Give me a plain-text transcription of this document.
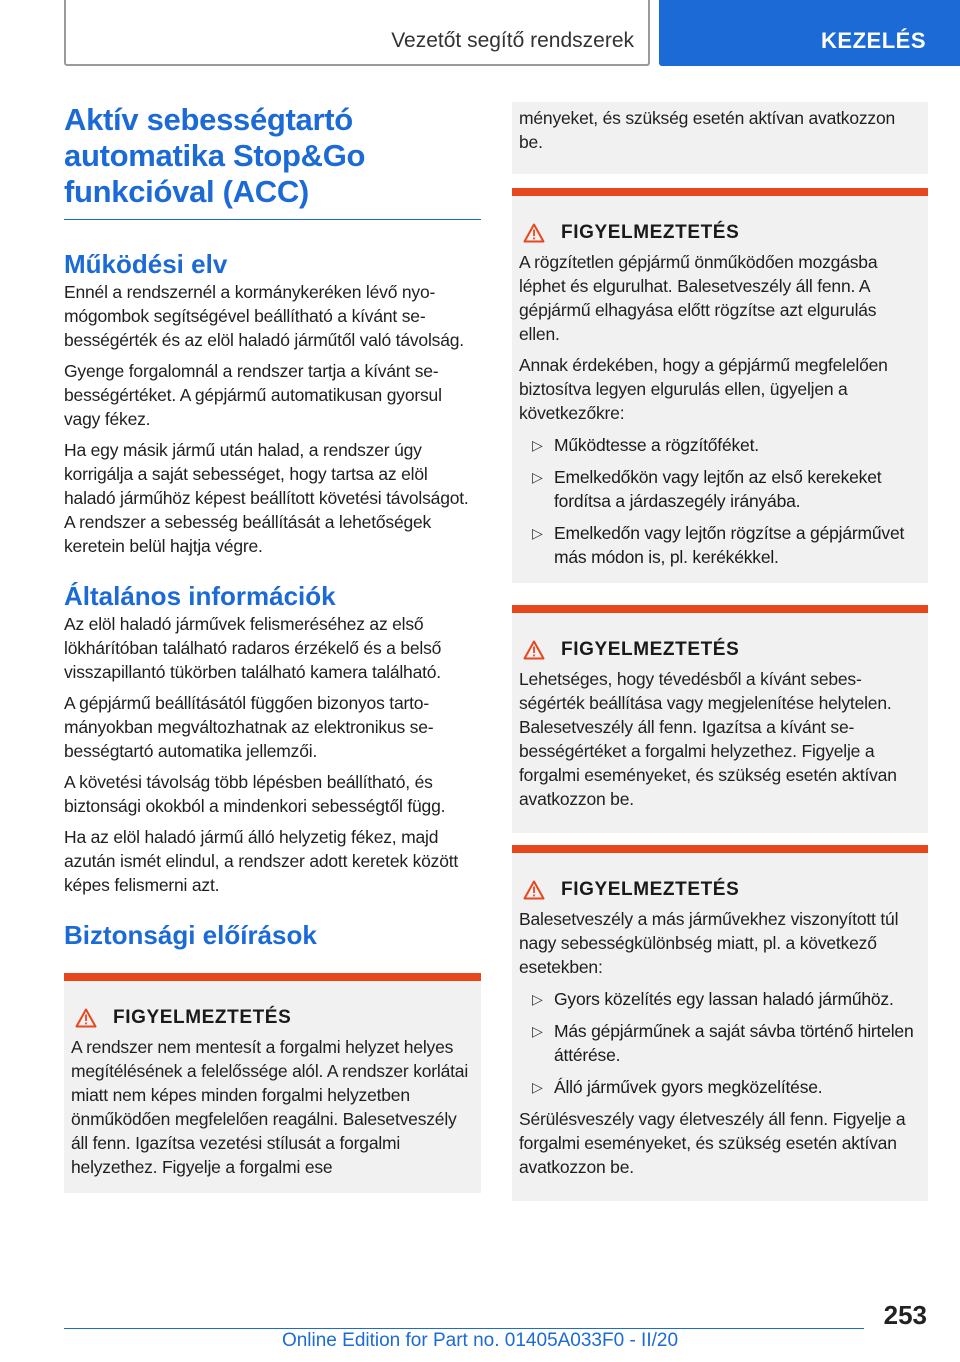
Vezetőt segítő rendszerek	KEZELÉS
Aktív sebességtartó automatika Stop&Go funkcióval (ACC)
Működési elv
Ennél a rendszernél a kormánykeréken lévő nyomógombok segítségével beállítható a kívánt sebességérték és az elöl haladó járműtől való távolság.
Gyenge forgalomnál a rendszer tartja a kívánt sebességértéket. A gépjármű automatikusan gyorsul vagy fékez.
Ha egy másik jármű után halad, a rendszer úgy korrigálja a saját sebességet, hogy tartsa az elöl haladó járműhöz képest beállított követési távolságot. A rendszer a sebesség beállítását a lehetőségek keretein belül hajtja végre.
Általános információk
Az elöl haladó járművek felismeréséhez az első lökhárítóban található radaros érzékelő és a belső visszapillantó tükörben található kamera található.
A gépjármű beállításától függően bizonyos tartományokban megváltozhatnak az elektronikus sebességtartó automatika jellemzői.
A követési távolság több lépésben beállítható, és biztonsági okokból a mindenkori sebességtől függ.
Ha az elöl haladó jármű álló helyzetig fékez, majd azután ismét elindul, a rendszer adott keretek között képes felismerni azt.
Biztonsági előírások
FIGYELMEZTETÉS
A rendszer nem mentesít a forgalmi helyzet helyes megítélésének a felelőssége alól. A rendszer korlátai miatt nem képes minden forgalmi helyzetben önműködően megfelelően reagálni. Balesetveszély áll fenn. Igazítsa vezetési stílusát a forgalmi helyzethez. Figyelje a forgalmi ese
ményeket, és szükség esetén aktívan avatkozzon be.
FIGYELMEZTETÉS
A rögzítetlen gépjármű önműködően mozgásba léphet és elgurulhat. Balesetveszély áll fenn. A gépjármű elhagyása előtt rögzítse azt elgurulás ellen.
Annak érdekében, hogy a gépjármű megfelelően biztosítva legyen elgurulás ellen, ügyeljen a következőkre:
▷ Működtesse a rögzítőféket.
▷ Emelkedőkön vagy lejtőn az első kerekeket fordítsa a járdaszegély irányába.
▷ Emelkedőn vagy lejtőn rögzítse a gépjárművet más módon is, pl. kerékékkel.
FIGYELMEZTETÉS
Lehetséges, hogy tévedésből a kívánt sebességérték beállítása vagy megjelenítése helytelen. Balesetveszély áll fenn. Igazítsa a kívánt sebességértéket a forgalmi helyzethez. Figyelje a forgalmi eseményeket, és szükség esetén aktívan avatkozzon be.
FIGYELMEZTETÉS
Balesetveszély a más járművekhez viszonyított túl nagy sebességkülönbség miatt, pl. a következő esetekben:
▷ Gyors közelítés egy lassan haladó járműhöz.
▷ Más gépjárműnek a saját sávba történő hirtelen áttérése.
▷ Álló járművek gyors megközelítése.
Sérülésveszély vagy életveszély áll fenn. Figyelje a forgalmi eseményeket, és szükség esetén aktívan avatkozzon be.
253
Online Edition for Part no. 01405A033F0 - II/20
